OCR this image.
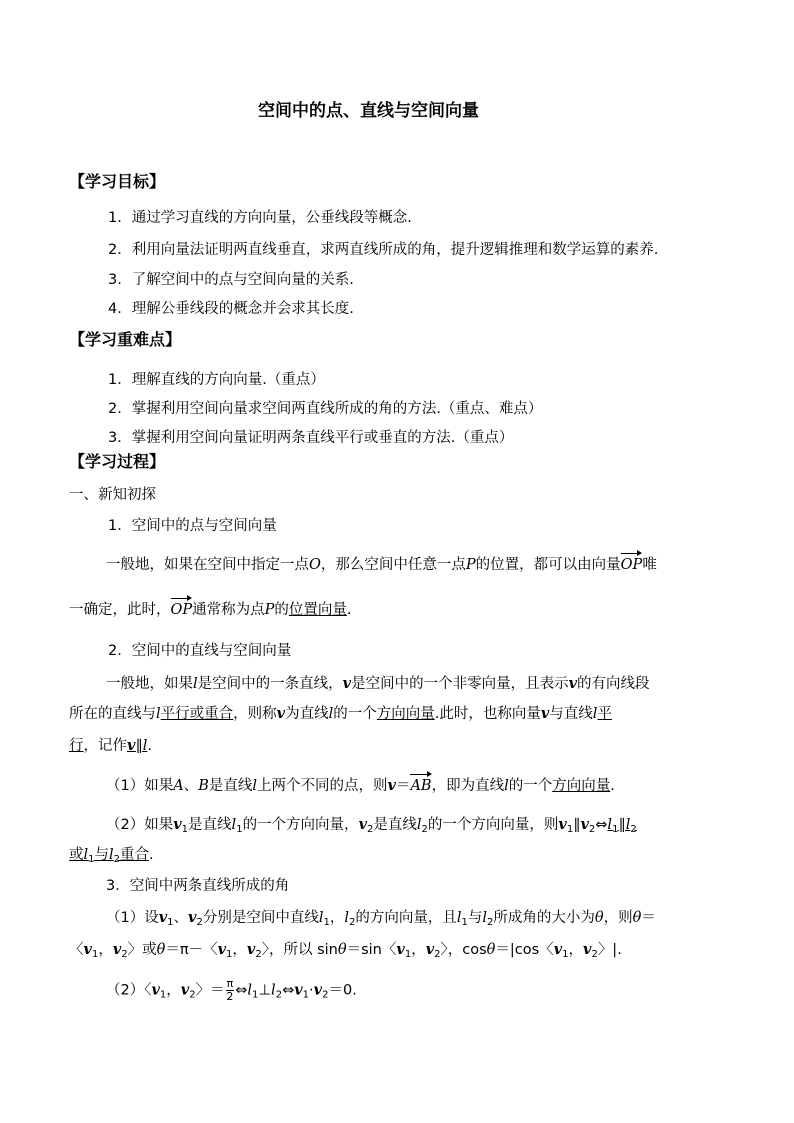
空间中的点、直线与空间向量
【学习目标】
1．通过学习直线的方向向量，公垂线段等概念.
2．利用向量法证明两直线垂直，求两直线所成的角，提升逻辑推理和数学运算的素养.
3．了解空间中的点与空间向量的关系.
4．理解公垂线段的概念并会求其长度.
【学习重难点】
1．理解直线的方向向量.（重点）
2．掌握利用空间向量求空间两直线所成的角的方法.（重点、难点）
3．掌握利用空间向量证明两条直线平行或垂直的方法.（重点）
【学习过程】
一、新知初探
1．空间中的点与空间向量
一般地，如果在空间中指定一点O，那么空间中任意一点P的位置，都可以由向量OP唯
一确定，此时，OP通常称为点P的位置向量.
2．空间中的直线与空间向量
一般地，如果l是空间中的一条直线，v是空间中的一个非零向量，且表示v的有向线段
所在的直线与l平行或重合，则称v为直线l的一个方向向量.此时，也称向量v与直线l平
行，记作v∥l.
（1）如果A、B是直线l上两个不同的点，则v＝AB，即为直线l的一个方向向量.
（2）如果$v_1$是直线$l_1$的一个方向向量，$v_2$是直线$l_2$的一个方向向量，则$v_1\parallel v_2\Leftrightarrow l_1\parallel l_2$
或$l_1$与$l_2$重合.
3．空间中两条直线所成的角
（1）设$v_1$、$v_2$分别是空间中直线$l_1$，$l_2$的方向向量，且$l_1$与$l_2$所成角的大小为θ，则θ＝
〈$v_1$，$v_2$〉或θ＝π－〈$v_1$，$v_2$〉，所以 sinθ＝sin〈$v_1$，$v_2$〉，cosθ＝|cos〈$v_1$，$v_2$〉|.
（2）〈$v_1$，$v_2$〉＝ $\frac{\pi}{2}$ $\Leftrightarrow l_1\perp l_2\Leftrightarrow v_1\cdot v_2=0$.
